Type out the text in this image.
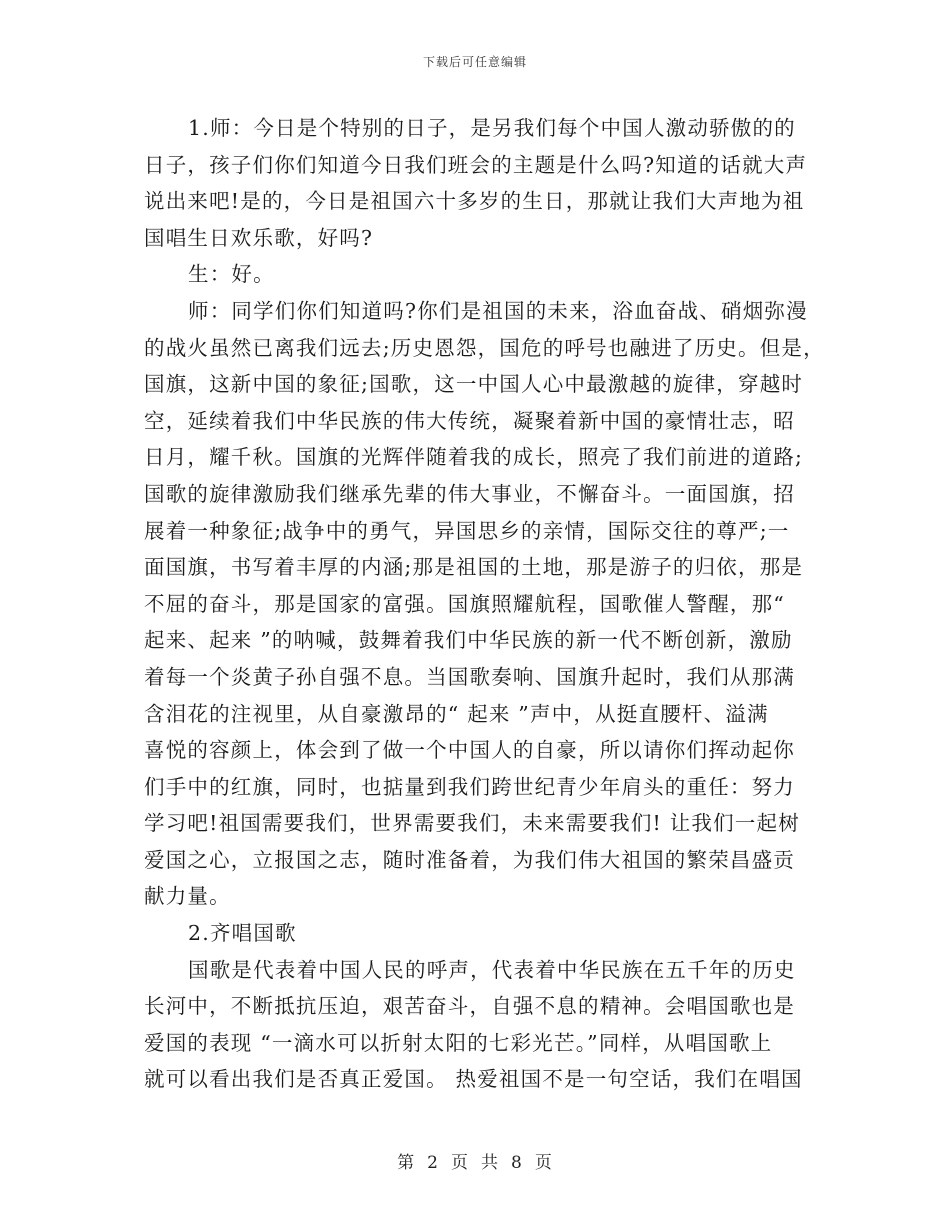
下载后可任意编辑
1.师：今日是个特别的日子，是另我们每个中国人激动骄傲的的
日子，孩子们你们知道今日我们班会的主题是什么吗?知道的话就大声
说出来吧!是的，今日是祖国六十多岁的生日，那就让我们大声地为祖
国唱生日欢乐歌，好吗?
生：好。
师：同学们你们知道吗?你们是祖国的未来，浴血奋战、硝烟弥漫
的战火虽然已离我们远去;历史恩怨，国危的呼号也融进了历史。但是，
国旗，这新中国的象征;国歌，这一中国人心中最激越的旋律，穿越时
空，延续着我们中华民族的伟大传统，凝聚着新中国的豪情壮志，昭
日月，耀千秋。国旗的光辉伴随着我的成长，照亮了我们前进的道路;
国歌的旋律激励我们继承先辈的伟大事业，不懈奋斗。一面国旗，招
展着一种象征;战争中的勇气，异国思乡的亲情，国际交往的尊严;一
面国旗，书写着丰厚的内涵;那是祖国的土地，那是游子的归依，那是
不屈的奋斗，那是国家的富强。国旗照耀航程，国歌催人警醒，那“
起来、起来 ”的呐喊，鼓舞着我们中华民族的新一代不断创新，激励
着每一个炎黄子孙自强不息。当国歌奏响、国旗升起时，我们从那满
含泪花的注视里，从自豪激昂的“ 起来 ”声中，从挺直腰杆、溢满
喜悦的容颜上，体会到了做一个中国人的自豪，所以请你们挥动起你
们手中的红旗，同时，也掂量到我们跨世纪青少年肩头的重任：努力
学习吧!祖国需要我们，世界需要我们，未来需要我们! 让我们一起树
爱国之心，立报国之志，随时准备着，为我们伟大祖国的繁荣昌盛贡
献力量。
2.齐唱国歌
国歌是代表着中国人民的呼声，代表着中华民族在五千年的历史
长河中，不断抵抗压迫，艰苦奋斗，自强不息的精神。会唱国歌也是
爱国的表现 “一滴水可以折射太阳的七彩光芒。”同样，从唱国歌上
就可以看出我们是否真正爱国。 热爱祖国不是一句空话，我们在唱国
第 2 页 共 8 页
